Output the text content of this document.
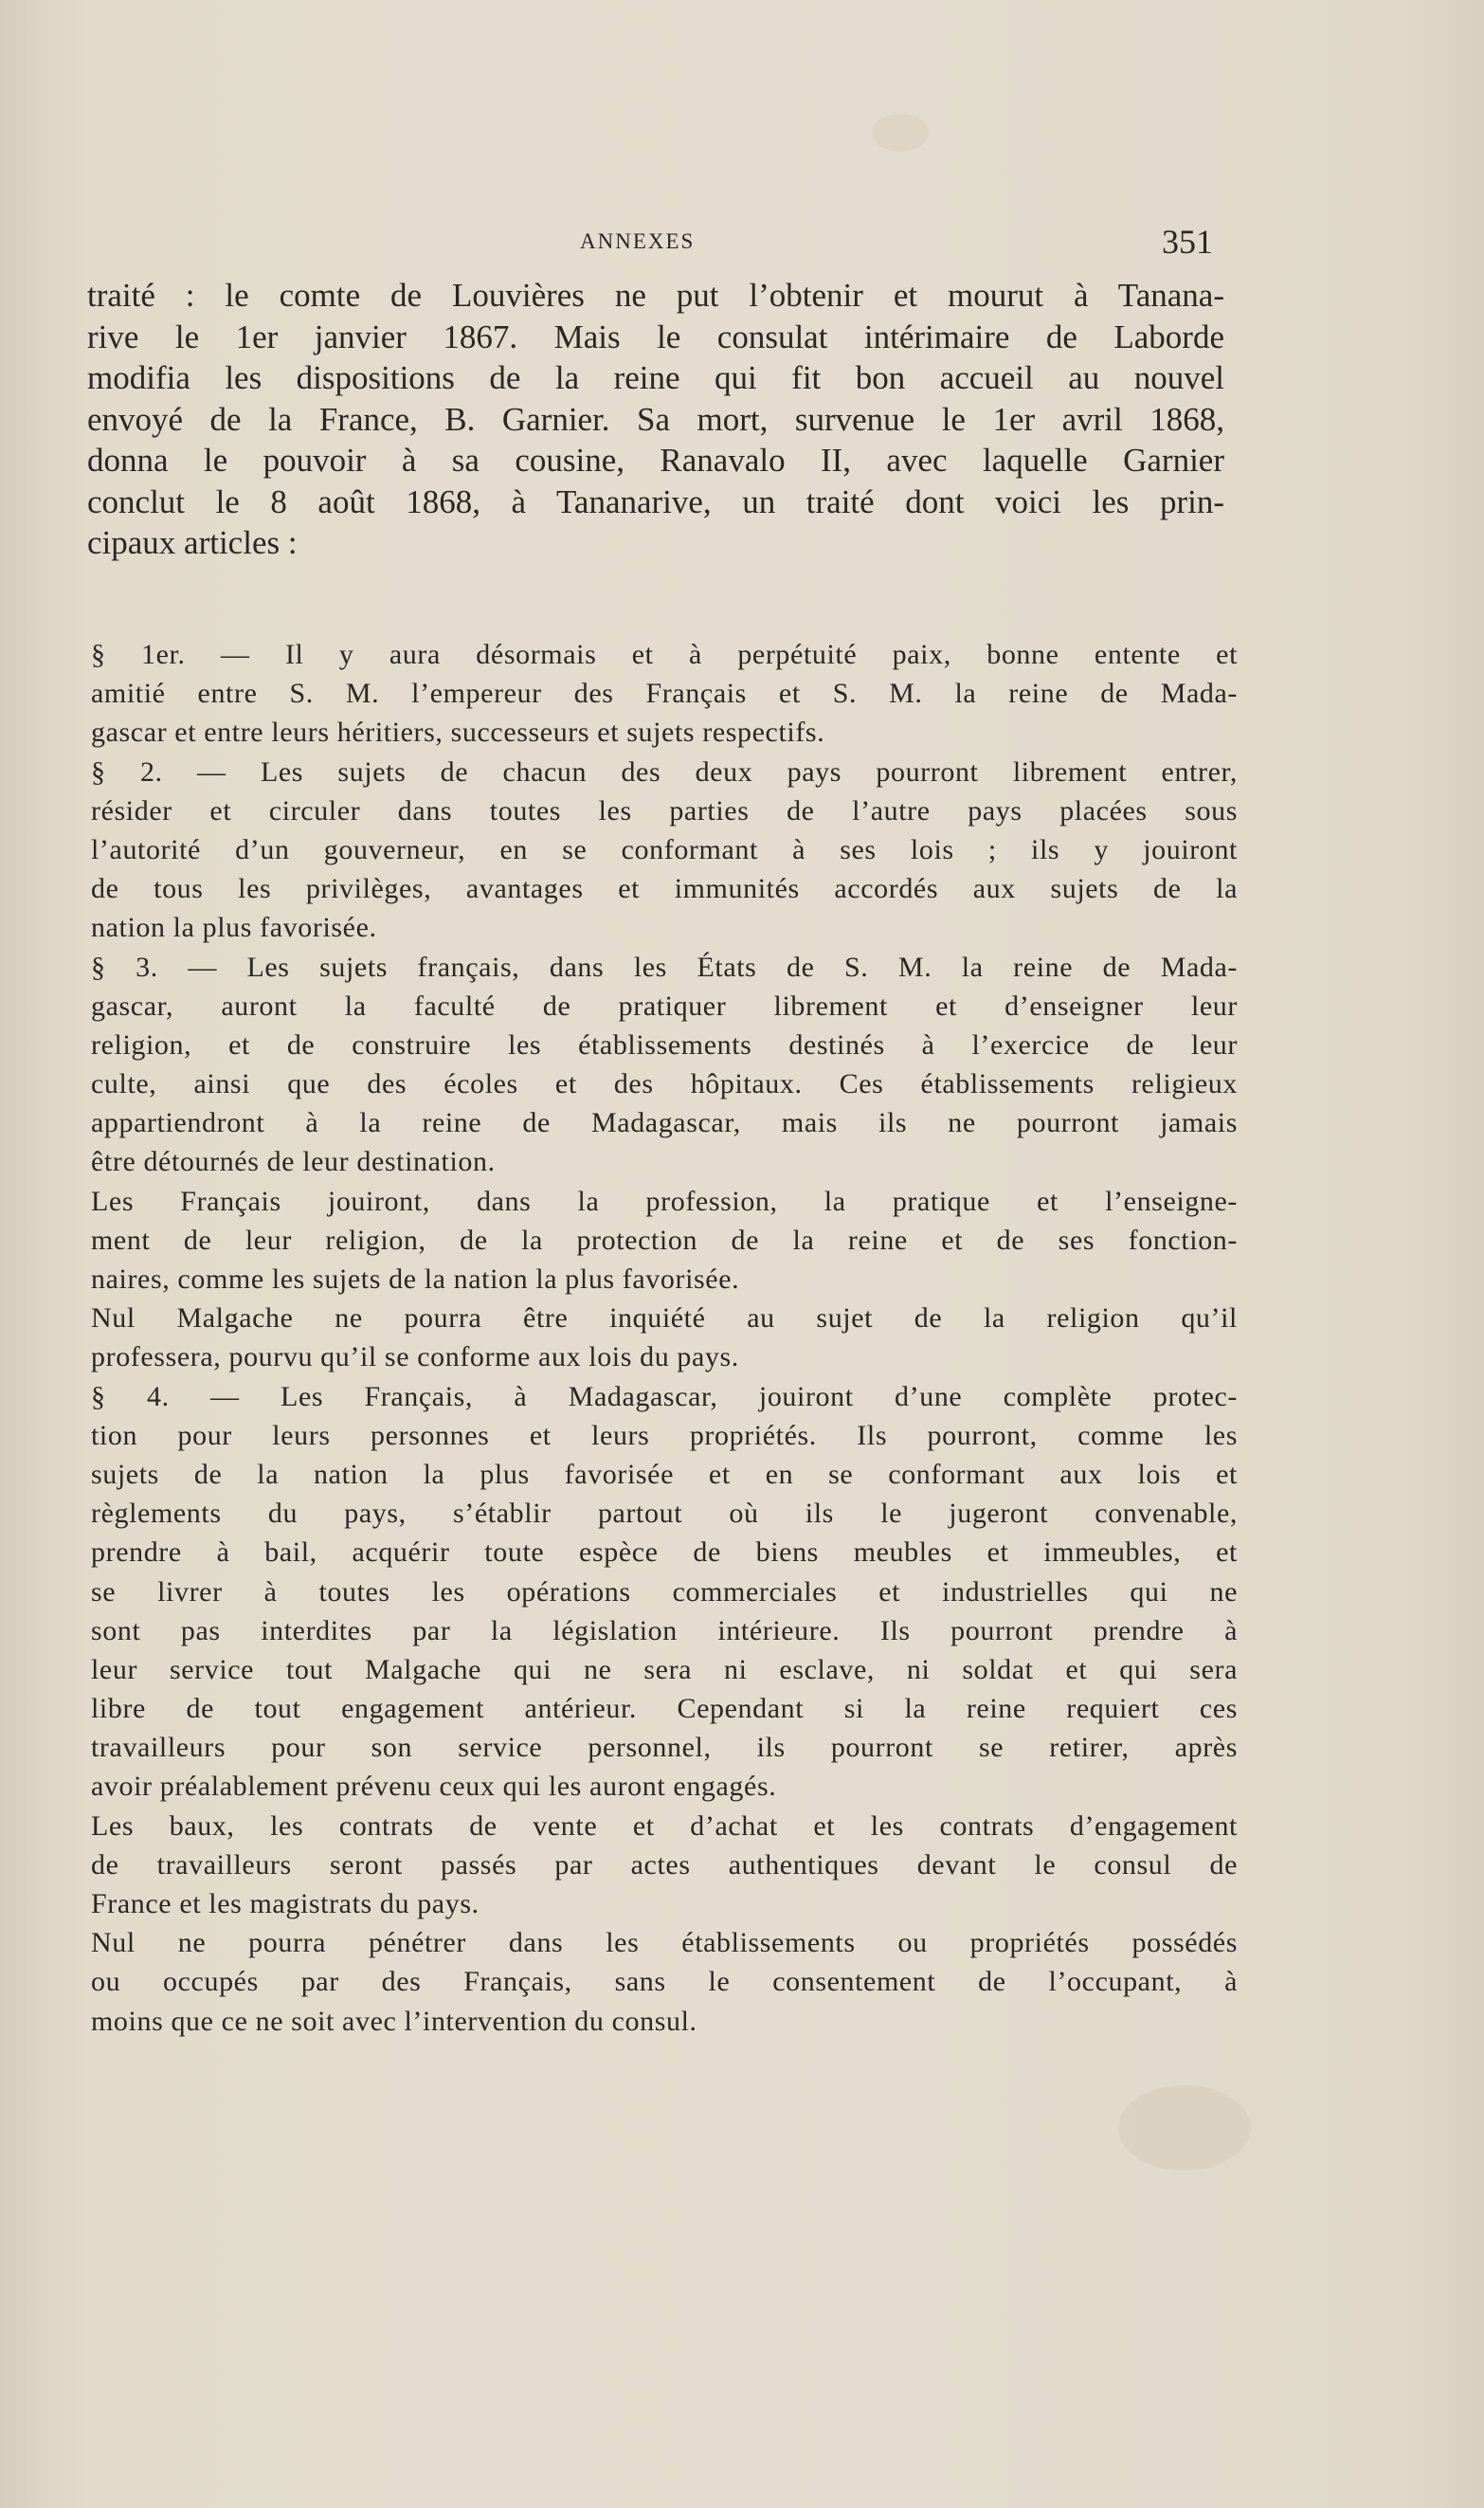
ANNEXES	351
traité : le comte de Louvières ne put l’obtenir et mourut à Tanana-
rive le 1er janvier 1867. Mais le consulat intérimaire de Laborde
modifia les dispositions de la reine qui fit bon accueil au nouvel
envoyé de la France, B. Garnier. Sa mort, survenue le 1er avril 1868,
donna le pouvoir à sa cousine, Ranavalo II, avec laquelle Garnier
conclut le 8 août 1868, à Tananarive, un traité dont voici les prin-
cipaux articles :
§ 1er. — Il y aura désormais et à perpétuité paix, bonne entente et
amitié entre S. M. l’empereur des Français et S. M. la reine de Mada-
gascar et entre leurs héritiers, successeurs et sujets respectifs.
§ 2. — Les sujets de chacun des deux pays pourront librement entrer,
résider et circuler dans toutes les parties de l’autre pays placées sous
l’autorité d’un gouverneur, en se conformant à ses lois ; ils y jouiront
de tous les privilèges, avantages et immunités accordés aux sujets de la
nation la plus favorisée.
§ 3. — Les sujets français, dans les États de S. M. la reine de Mada-
gascar, auront la faculté de pratiquer librement et d’enseigner leur
religion, et de construire les établissements destinés à l’exercice de leur
culte, ainsi que des écoles et des hôpitaux. Ces établissements religieux
appartiendront à la reine de Madagascar, mais ils ne pourront jamais
être détournés de leur destination.
Les Français jouiront, dans la profession, la pratique et l’enseigne-
ment de leur religion, de la protection de la reine et de ses fonction-
naires, comme les sujets de la nation la plus favorisée.
Nul Malgache ne pourra être inquiété au sujet de la religion qu’il
professera, pourvu qu’il se conforme aux lois du pays.
§ 4. — Les Français, à Madagascar, jouiront d’une complète protec-
tion pour leurs personnes et leurs propriétés. Ils pourront, comme les
sujets de la nation la plus favorisée et en se conformant aux lois et
règlements du pays, s’établir partout où ils le jugeront convenable,
prendre à bail, acquérir toute espèce de biens meubles et immeubles, et
se livrer à toutes les opérations commerciales et industrielles qui ne
sont pas interdites par la législation intérieure. Ils pourront prendre à
leur service tout Malgache qui ne sera ni esclave, ni soldat et qui sera
libre de tout engagement antérieur. Cependant si la reine requiert ces
travailleurs pour son service personnel, ils pourront se retirer, après
avoir préalablement prévenu ceux qui les auront engagés.
Les baux, les contrats de vente et d’achat et les contrats d’engagement
de travailleurs seront passés par actes authentiques devant le consul de
France et les magistrats du pays.
Nul ne pourra pénétrer dans les établissements ou propriétés possédés
ou occupés par des Français, sans le consentement de l’occupant, à
moins que ce ne soit avec l’intervention du consul.
